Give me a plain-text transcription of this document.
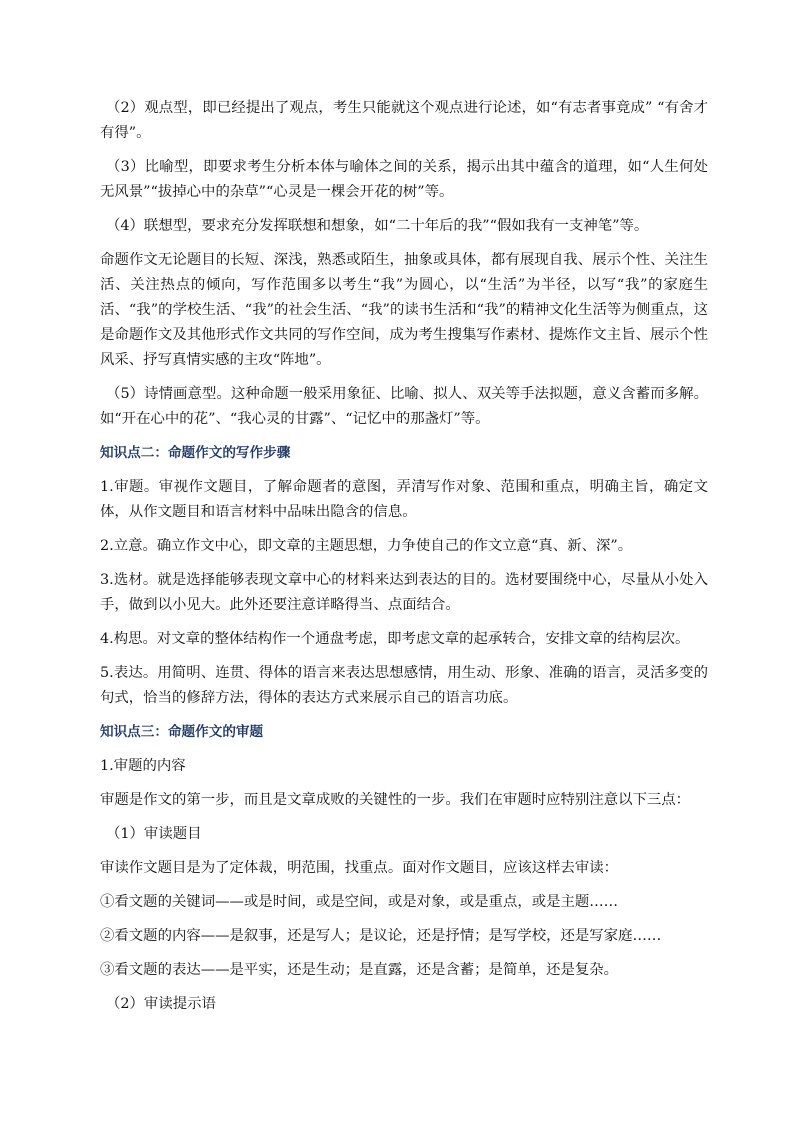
（2）观点型，即已经提出了观点，考生只能就这个观点进行论述，如“有志者事竟成” “有舍才有得”。

（3）比喻型，即要求考生分析本体与喻体之间的关系，揭示出其中蕴含的道理，如“人生何处无风景”“拔掉心中的杂草”“心灵是一棵会开花的树”等。

（4）联想型，要求充分发挥联想和想象，如“二十年后的我”“假如我有一支神笔”等。

命题作文无论题目的长短、深浅，熟悉或陌生，抽象或具体，都有展现自我、展示个性、关注生活、关注热点的倾向，写作范围多以考生“我”为圆心，以“生活”为半径，以写“我”的家庭生活、“我”的学校生活、“我”的社会生活、“我”的读书生活和“我”的精神文化生活等为侧重点，这是命题作文及其他形式作文共同的写作空间，成为考生搜集写作素材、提炼作文主旨、展示个性风采、抒写真情实感的主攻“阵地”。

（5）诗情画意型。这种命题一般采用象征、比喻、拟人、双关等手法拟题，意义含蓄而多解。如“开在心中的花”、“我心灵的甘露”、“记忆中的那盏灯”等。

知识点二：命题作文的写作步骤

1.审题。审视作文题目，了解命题者的意图，弄清写作对象、范围和重点，明确主旨，确定文体，从作文题目和语言材料中品味出隐含的信息。

2.立意。确立作文中心，即文章的主题思想，力争使自己的作文立意“真、新、深”。

3.选材。就是选择能够表现文章中心的材料来达到表达的目的。选材要围绕中心，尽量从小处入手，做到以小见大。此外还要注意详略得当、点面结合。

4.构思。对文章的整体结构作一个通盘考虑，即考虑文章的起承转合，安排文章的结构层次。

5.表达。用简明、连贯、得体的语言来表达思想感情，用生动、形象、准确的语言，灵活多变的句式，恰当的修辞方法，得体的表达方式来展示自己的语言功底。

知识点三：命题作文的审题

1.审题的内容

审题是作文的第一步，而且是文章成败的关键性的一步。我们在审题时应特别注意以下三点：

（1）审读题目

审读作文题目是为了定体裁，明范围，找重点。面对作文题目，应该这样去审读：

①看文题的关键词——或是时间，或是空间，或是对象，或是重点，或是主题……

②看文题的内容——是叙事，还是写人；是议论，还是抒情；是写学校，还是写家庭……

③看文题的表达——是平实，还是生动；是直露，还是含蓄；是简单，还是复杂。

（2）审读提示语
